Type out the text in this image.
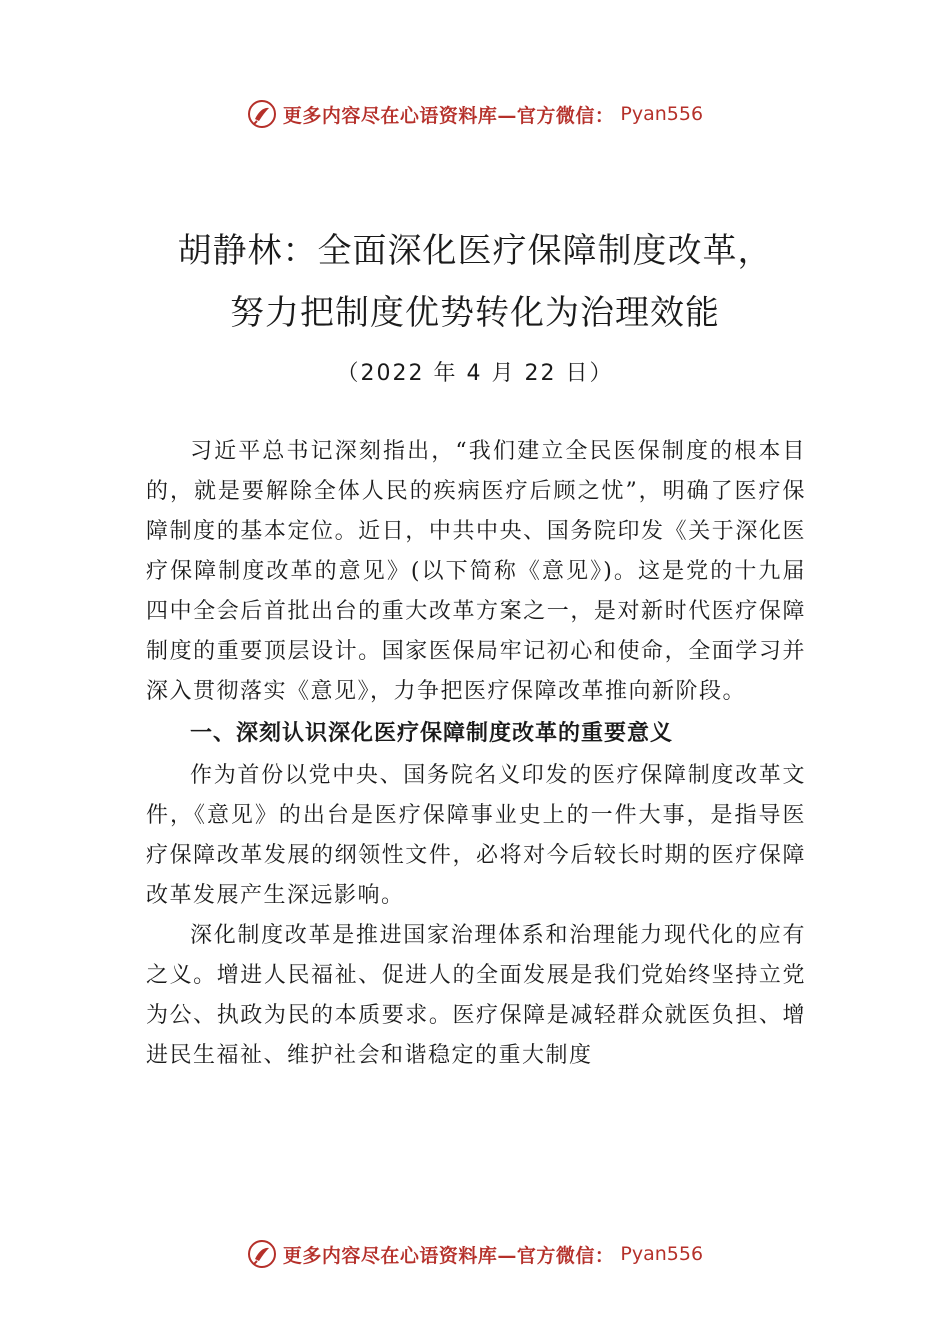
更多内容尽在心语资料库—官方微信： Pyan556
胡静林：全面深化医疗保障制度改革，
努力把制度优势转化为治理效能
（2022 年 4 月 22 日）

习近平总书记深刻指出，“我们建立全民医保制度的根本目的，就是要解除全体人民的疾病医疗后顾之忧”，明确了医疗保障制度的基本定位。近日，中共中央、国务院印发《关于深化医疗保障制度改革的意见》(以下简称《意见》)。这是党的十九届四中全会后首批出台的重大改革方案之一，是对新时代医疗保障制度的重要顶层设计。国家医保局牢记初心和使命，全面学习并深入贯彻落实《意见》，力争把医疗保障改革推向新阶段。

一、深刻认识深化医疗保障制度改革的重要意义

作为首份以党中央、国务院名义印发的医疗保障制度改革文件，《意见》的出台是医疗保障事业史上的一件大事，是指导医疗保障改革发展的纲领性文件，必将对今后较长时期的医疗保障改革发展产生深远影响。

深化制度改革是推进国家治理体系和治理能力现代化的应有之义。增进人民福祉、促进人的全面发展是我们党始终坚持立党为公、执政为民的本质要求。医疗保障是减轻群众就医负担、增进民生福祉、维护社会和谐稳定的重大制度

更多内容尽在心语资料库—官方微信： Pyan556
